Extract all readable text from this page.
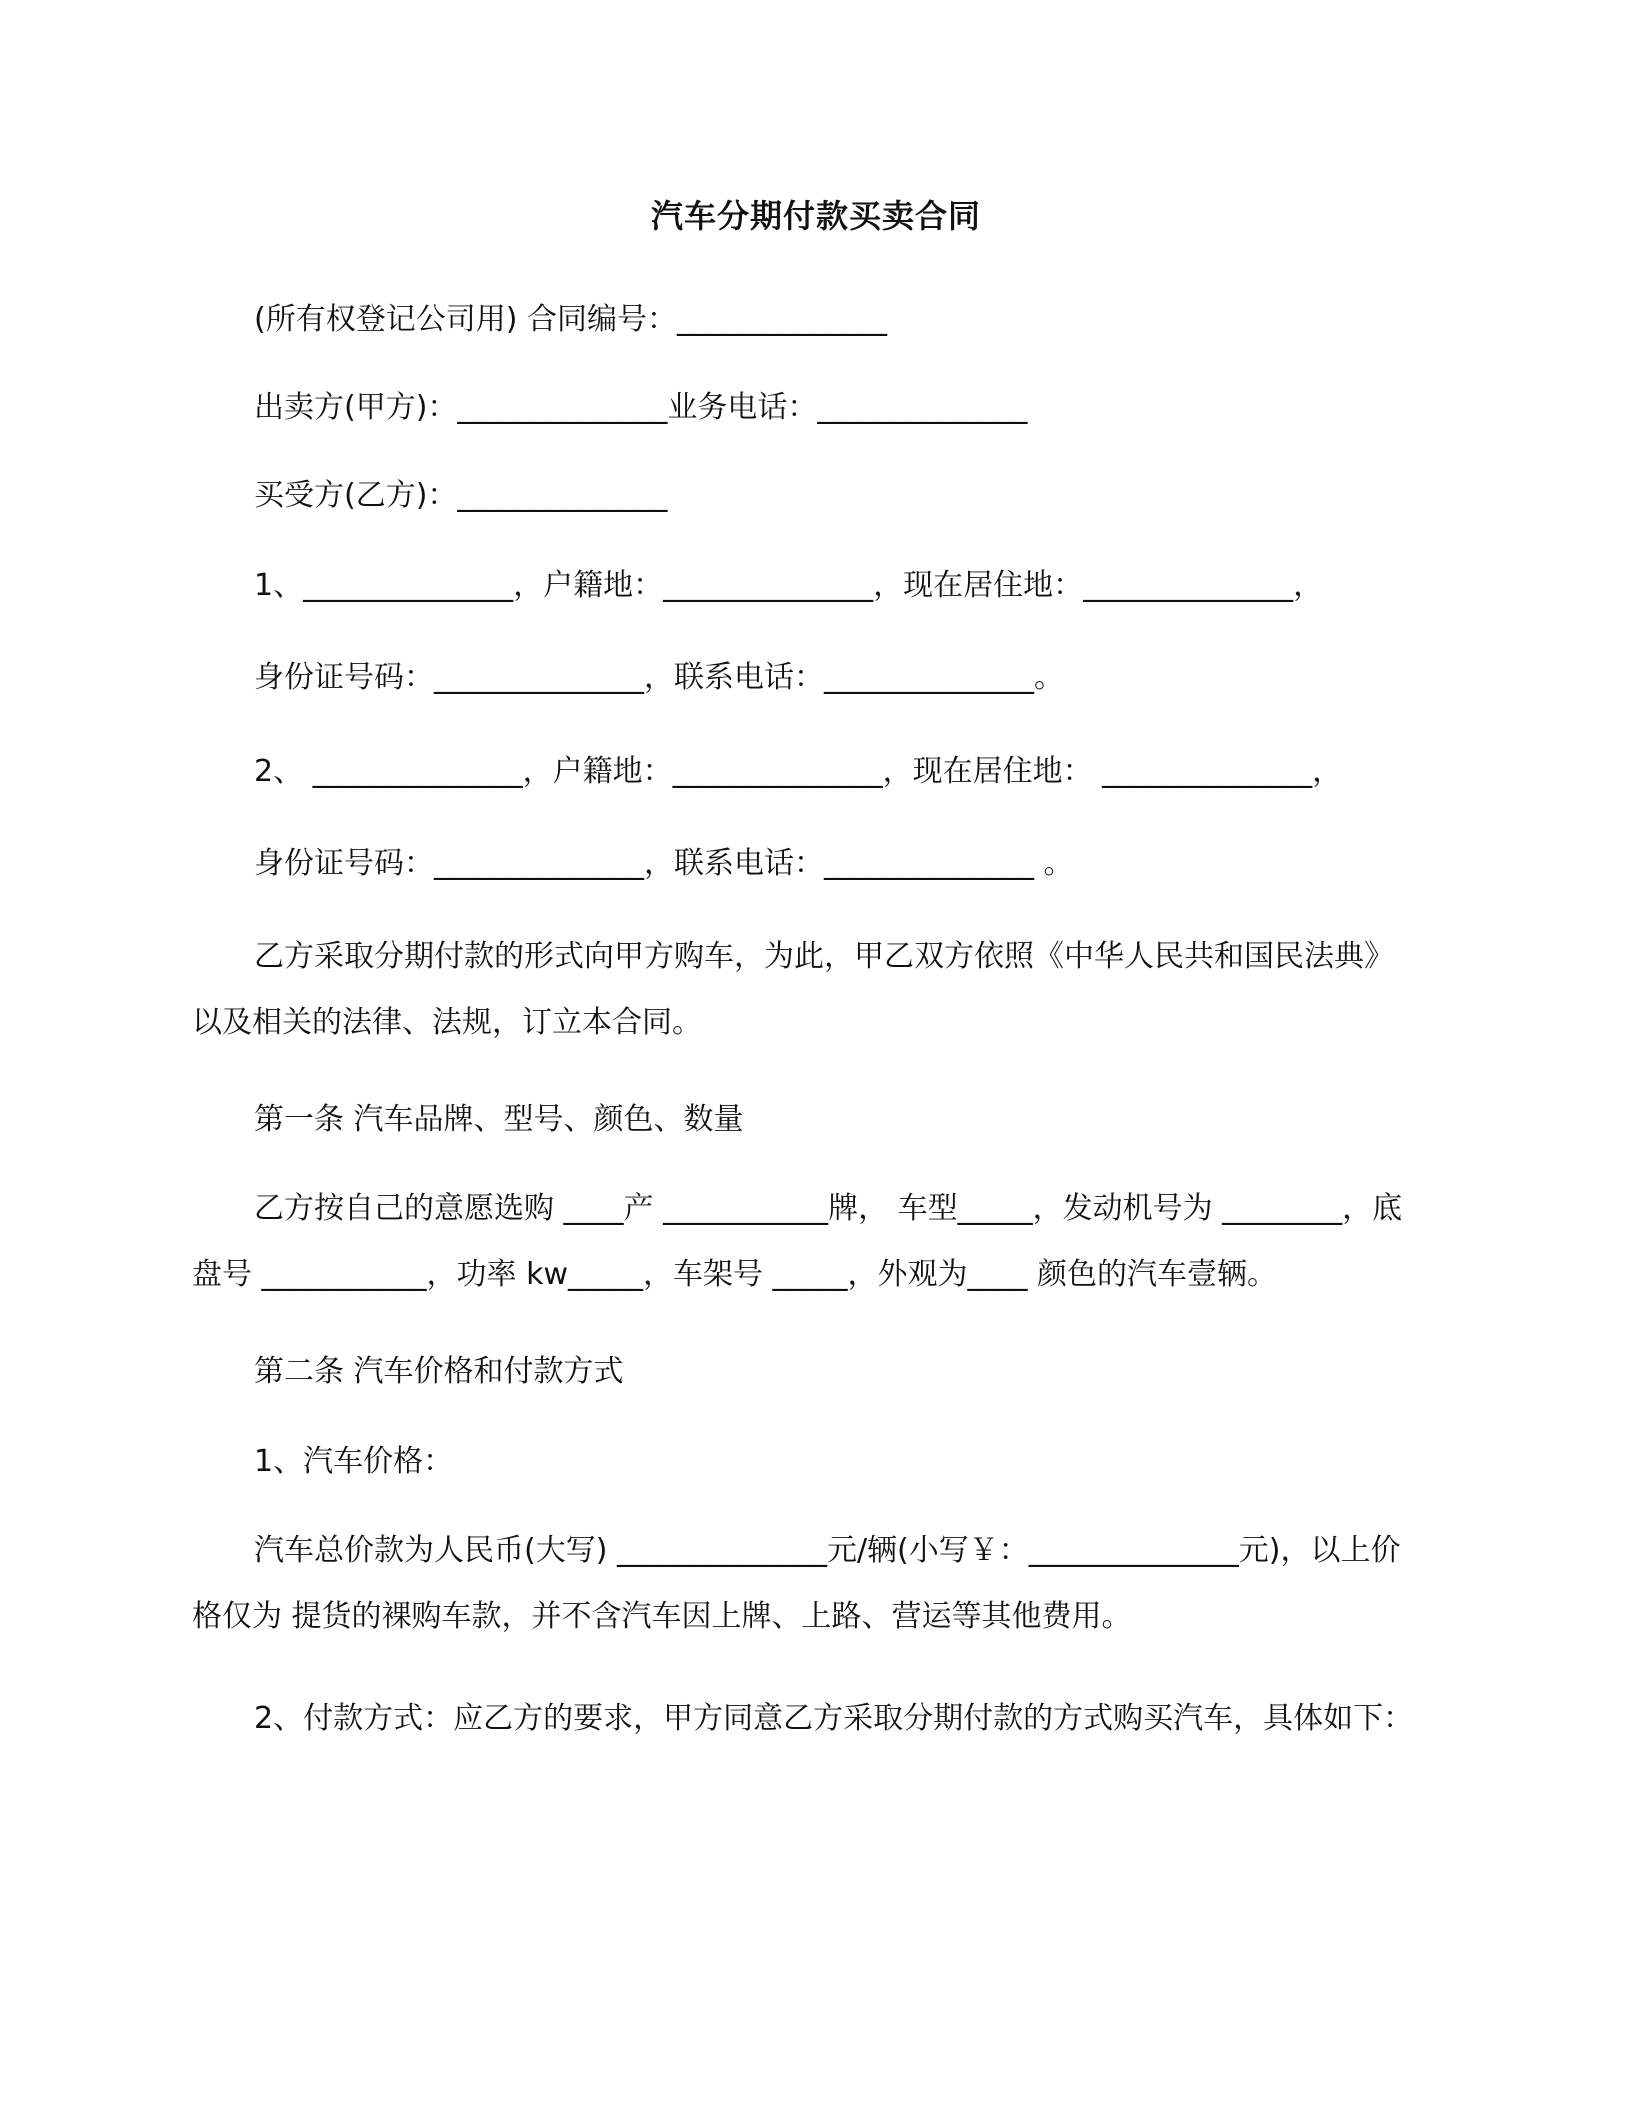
汽车分期付款买卖合同
(所有权登记公司用) 合同编号：______________
出卖方(甲方)：______________业务电话：______________
买受方(乙方)：______________
1、______________，户籍地：______________，现在居住地：______________，
身份证号码：______________，联系电话：______________。
2、 ______________，户籍地：______________，现在居住地： ______________，
身份证号码：______________，联系电话：______________ 。
乙方采取分期付款的形式向甲方购车，为此，甲乙双方依照《中华人民共和国民法典》以及相关的法律、法规，订立本合同。
第一条 汽车品牌、型号、颜色、数量
乙方按自己的意愿选购 ____产 ___________牌， 车型_____，发动机号为 ________，底盘号 ___________，功率 kw_____，车架号 _____，外观为____ 颜色的汽车壹辆。
第二条 汽车价格和付款方式
1、汽车价格：
汽车总价款为人民币(大写) ______________元/辆(小写￥：______________元)，以上价格仅为 提货的裸购车款，并不含汽车因上牌、上路、营运等其他费用。
2、付款方式：应乙方的要求，甲方同意乙方采取分期付款的方式购买汽车，具体如下：
